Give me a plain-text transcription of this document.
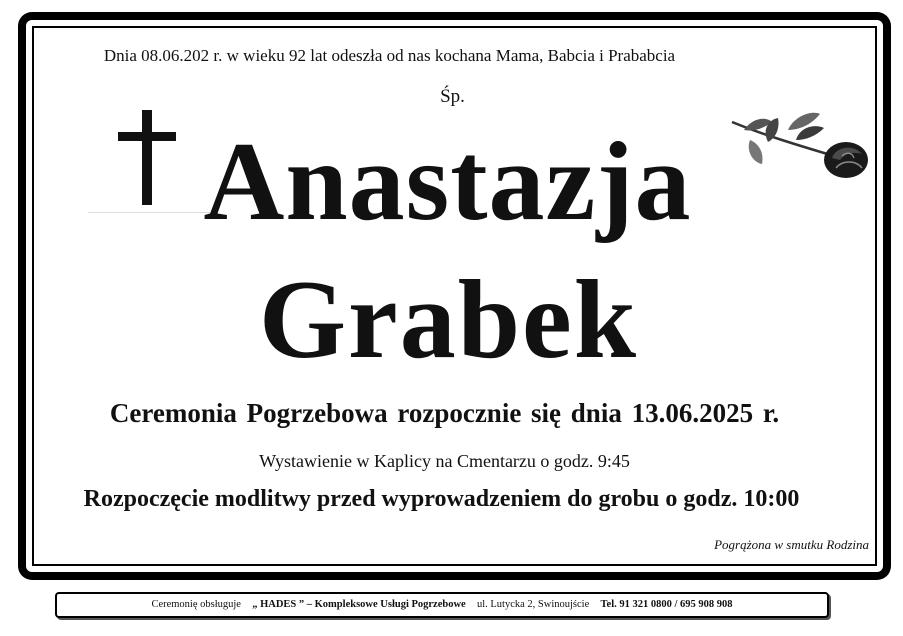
Dnia 08.06.202 r. w wieku 92 lat odeszła od nas kochana Mama, Babcia i Prababcia
Śp.
Anastazja
Grabek
Ceremonia Pogrzebowa rozpocznie się dnia 13.06.2025 r.
Wystawienie w Kaplicy na Cmentarzu o godz. 9:45
Rozpoczęcie modlitwy przed wyprowadzeniem do grobu o godz. 10:00
Pogrążona w smutku Rodzina
Ceremonię obsługuje „ HADES ” – Kompleksowe Usługi Pogrzebowe ul. Lutycka 2, Swinoujście Tel. 91 321 0800 / 695 908 908
